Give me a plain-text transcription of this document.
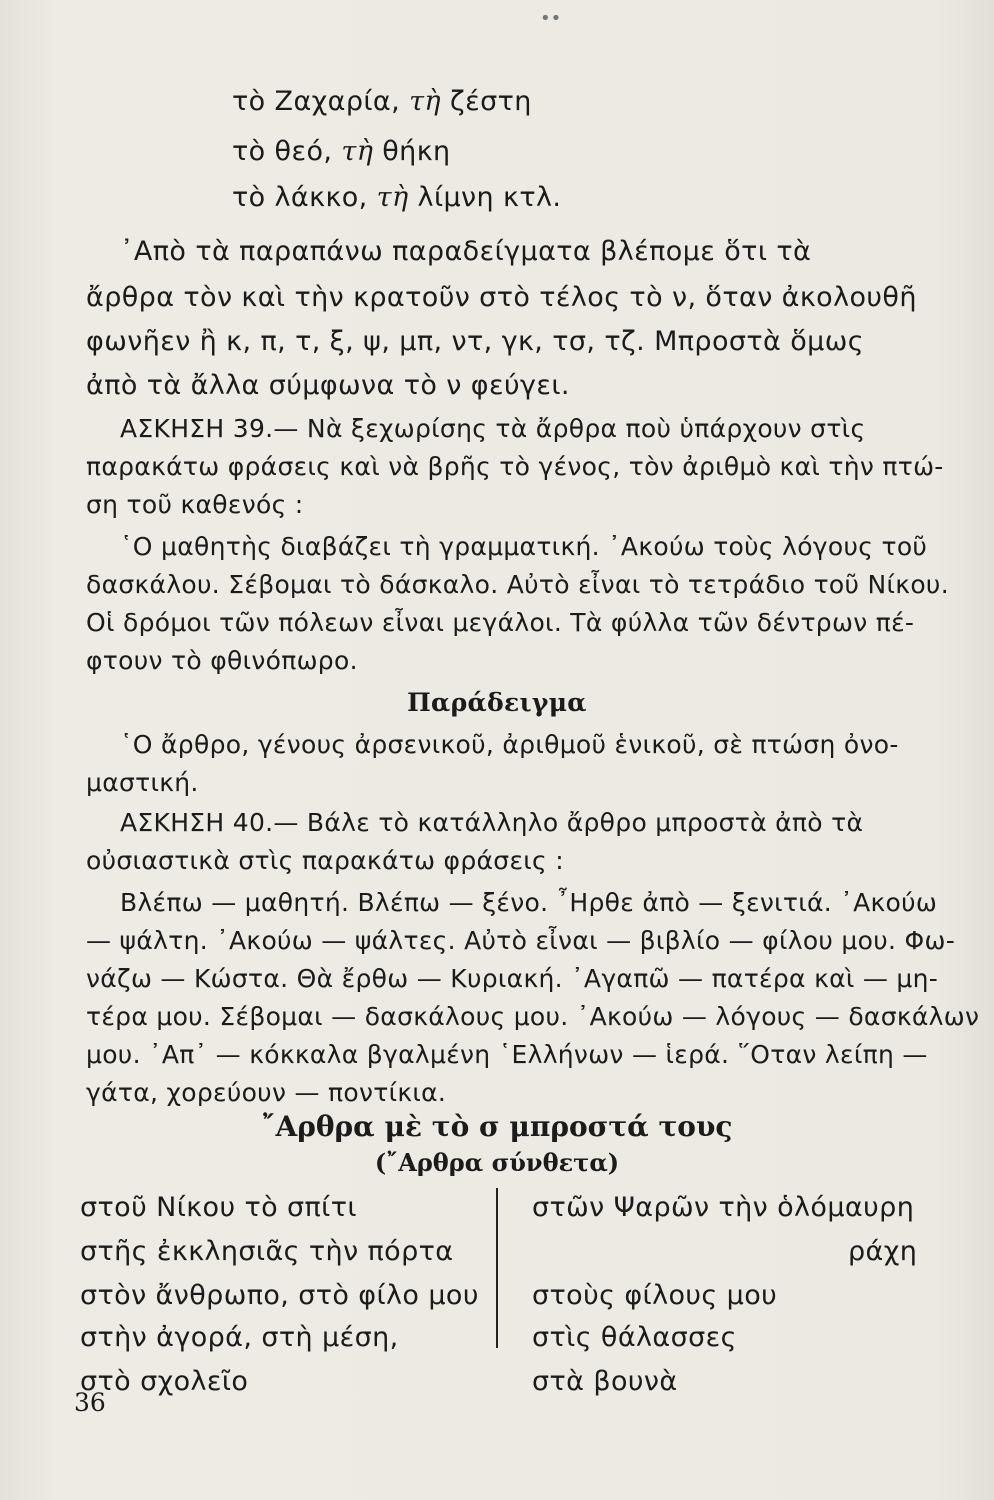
••
τὸ Ζαχαρία, τὴ ζέστη
τὸ θεό, τὴ θήκη
τὸ λάκκο, τὴ λίμνη κτλ.
᾿Απὸ τὰ παραπάνω παραδείγματα βλέπομε ὅτι τὰ
ἄρθρα τὸν καὶ τὴν κρατοῦν στὸ τέλος τὸ ν, ὅταν ἀκολουθῆ
φωνῆεν ἢ κ, π, τ, ξ, ψ, μπ, ντ, γκ, τσ, τζ. Μπροστὰ ὅμως
ἀπὸ τὰ ἄλλα σύμφωνα τὸ ν φεύγει.
ΑΣΚΗΣΗ 39.— Νὰ ξεχωρίσης τὰ ἄρθρα ποὺ ὑπάρχουν στὶς
παρακάτω φράσεις καὶ νὰ βρῆς τὸ γένος, τὸν ἀριθμὸ καὶ τὴν πτώ-
ση τοῦ καθενός :
῾Ο μαθητὴς διαβάζει τὴ γραμματική. ᾿Ακούω τοὺς λόγους τοῦ
δασκάλου. Σέβομαι τὸ δάσκαλο. Αὐτὸ εἶναι τὸ τετράδιο τοῦ Νίκου.
Οἱ δρόμοι τῶν πόλεων εἶναι μεγάλοι. Τὰ φύλλα τῶν δέντρων πέ-
φτουν τὸ φθινόπωρο.
Παράδειγμα
῾Ο ἄρθρο, γένους ἀρσενικοῦ, ἀριθμοῦ ἑνικοῦ, σὲ πτώση ὀνο-
μαστική.
ΑΣΚΗΣΗ 40.— Βάλε τὸ κατάλληλο ἄρθρο μπροστὰ ἀπὸ τὰ
οὐσιαστικὰ στὶς παρακάτω φράσεις :
Βλέπω — μαθητή. Βλέπω — ξένο. ῏Ηρθε ἀπὸ — ξενιτιά. ᾿Ακούω
— ψάλτη. ᾿Ακούω — ψάλτες. Αὐτὸ εἶναι — βιβλίο — φίλου μου. Φω-
νάζω — Κώστα. Θὰ ἔρθω — Κυριακή. ᾿Αγαπῶ — πατέρα καὶ — μη-
τέρα μου. Σέβομαι — δασκάλους μου. ᾿Ακούω — λόγους — δασκάλων
μου. ᾿Απ᾿ — κόκκαλα βγαλμένη ῾Ελλήνων — ἱερά. ῞Οταν λείπη —
γάτα, χορεύουν — ποντίκια.
῎Αρθρα μὲ τὸ σ μπροστά τους
(῎Αρθρα σύνθετα)
στοῦ Νίκου τὸ σπίτι
στῆς ἐκκλησιᾶς τὴν πόρτα
στὸν ἄνθρωπο, στὸ φίλο μου
στὴν ἀγορά, στὴ μέση,
στὸ σχολεῖο
στῶν Ψαρῶν τὴν ὁλόμαυρη
ράχη
στοὺς φίλους μου
στὶς θάλασσες
στὰ βουνὰ
36
